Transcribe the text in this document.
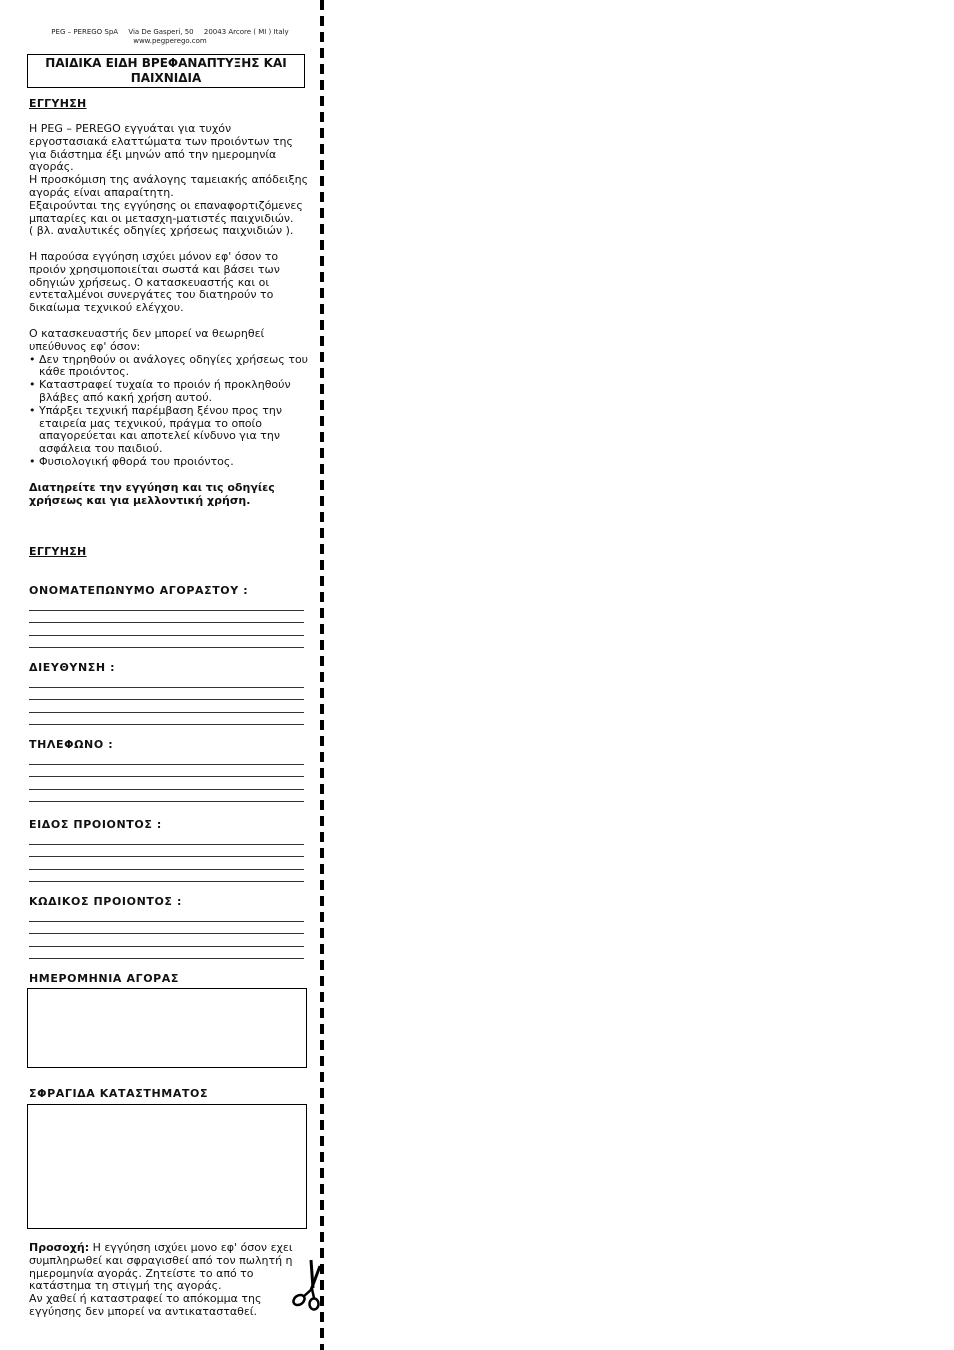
PEG – PEREGO SpA Via De Gasperi, 50 20043 Arcore ( MI ) Italy
www.pegperego.com
ΠΑΙΔΙΚΑ ΕΙΔΗ ΒΡΕΦΑΝΑΠΤΥΞΗΣ ΚΑΙ ΠΑΙΧΝΙΔΙΑ
ΕΓΓΥΗΣΗ

Η PEG – PEREGO εγγυάται για τυχόν

εργοστασιακά ελαττώματα των προιόντων της

για διάστημα έξι μηνών από την ημερομηνία

αγοράς.

Η προσκόμιση της ανάλογης ταμειακής απόδειξης

αγοράς είναι απαραίτητη.

Εξαιρούνται της εγγύησης οι επαναφορτιζόμενες

μπαταρίες και οι μετασχη-ματιστές παιχνιδιών.

( βλ. αναλυτικές οδηγίες χρήσεως παιχνιδιών ).

Η παρούσα εγγύηση ισχύει μόνον εφ' όσον το

προιόν χρησιμοποιείται σωστά και βάσει των

οδηγιών χρήσεως. Ο κατασκευαστής και οι

εντεταλμένοι συνεργάτες του διατηρούν το

δικαίωμα τεχνικού ελέγχου.

Ο κατασκευαστής δεν μπορεί να θεωρηθεί

υπεύθυνος εφ' όσον:

• Δεν τηρηθούν οι ανάλογες οδηγίες χρήσεως του κάθε προιόντος.
• Καταστραφεί τυχαία το προιόν ή προκληθούν βλάβες από κακή χρήση αυτού.
• Υπάρξει τεχνική παρέμβαση ξένου προς την εταιρεία μας τεχνικού, πράγμα το οποίο απαγορεύεται και αποτελεί κίνδυνο για την ασφάλεια του παιδιού.
• Φυσιολογική φθορά του προιόντος.
Διατηρείτε την εγγύηση και τις οδηγίες χρήσεως και για μελλοντική χρήση.
ΕΓΓΥΗΣΗ
ΟΝΟΜΑΤΕΠΩΝΥΜΟ ΑΓΟΡΑΣΤΟΥ :
ΔΙΕΥΘΥΝΣΗ :
ΤΗΛΕΦΩΝΟ :
ΕΙΔΟΣ ΠΡΟΙΟΝΤΟΣ :
ΚΩΔΙΚΟΣ ΠΡΟΙΟΝΤΟΣ :
ΗΜΕΡΟΜΗΝΙΑ ΑΓΟΡΑΣ
ΣΦΡΑΓΙΔΑ ΚΑΤΑΣΤΗΜΑΤΟΣ

Προσοχή: Η εγγύηση ισχύει μονο εφ' όσον εχει συμπληρωθεί και σφραγισθεί από τον πωλητή η ημερομηνία αγοράς. Ζητείστε το από το κατάστημα τη στιγμή της αγοράς.

Αν χαθεί ή καταστραφεί το απόκομμα της εγγύησης δεν μπορεί να αντικατασταθεί.
